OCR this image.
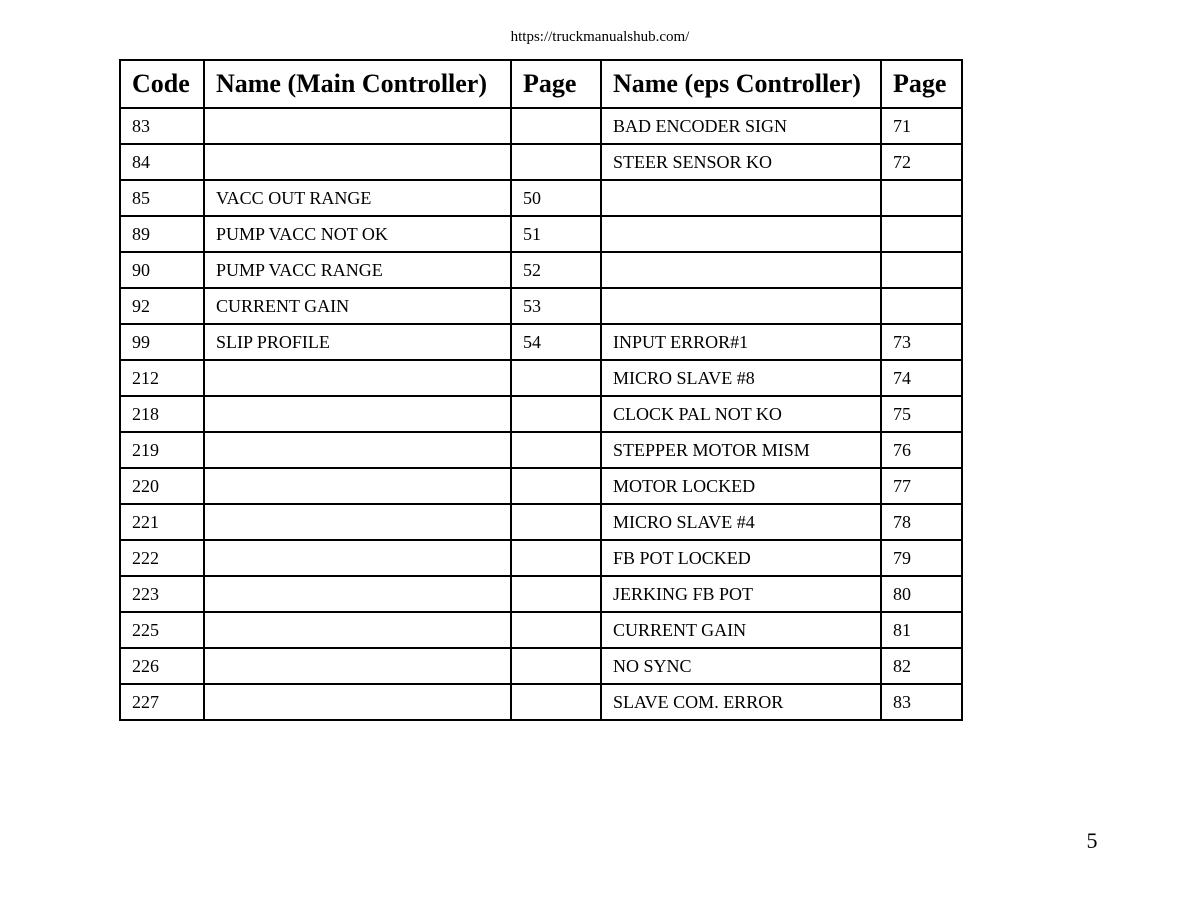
https://truckmanualshub.com/
Code	Name (Main Controller)	Page	Name (eps Controller)	Page
83			BAD ENCODER SIGN	71
84			STEER SENSOR KO	72
85	VACC OUT RANGE	50		
89	PUMP VACC NOT OK	51		
90	PUMP VACC RANGE	52		
92	CURRENT GAIN	53		
99	SLIP PROFILE	54	INPUT ERROR#1	73
212			MICRO SLAVE #8	74
218			CLOCK PAL NOT KO	75
219			STEPPER MOTOR MISM	76
220			MOTOR LOCKED	77
221			MICRO SLAVE #4	78
222			FB POT LOCKED	79
223			JERKING FB POT	80
225			CURRENT GAIN	81
226			NO SYNC	82
227			SLAVE COM. ERROR	83
5
